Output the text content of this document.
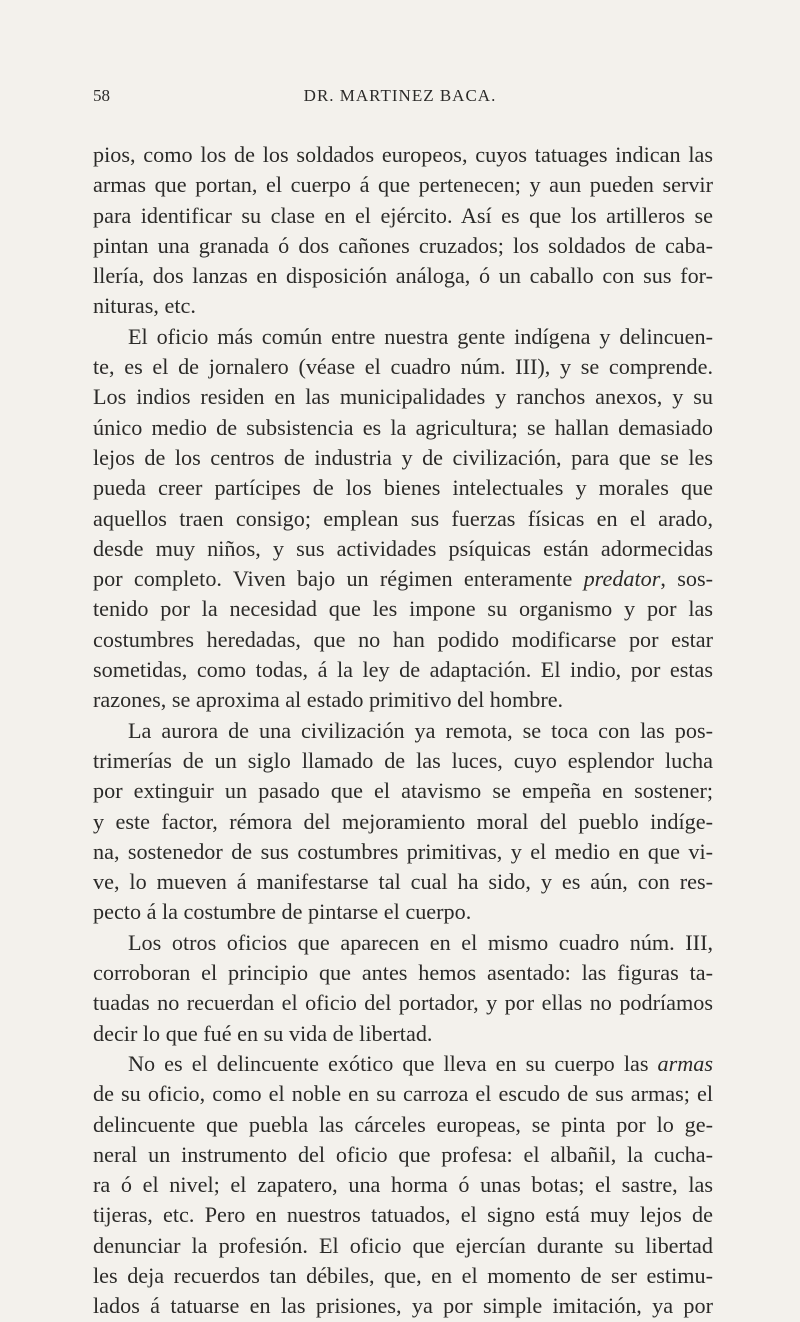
58	DR. MARTINEZ BACA.
pios, como los de los soldados europeos, cuyos tatuages indican las
armas que portan, el cuerpo á que pertenecen; y aun pueden servir
para identificar su clase en el ejército. Así es que los artilleros se
pintan una granada ó dos cañones cruzados; los soldados de caba-
llería, dos lanzas en disposición análoga, ó un caballo con sus for-
nituras, etc.
El oficio más común entre nuestra gente indígena y delincuen-
te, es el de jornalero (véase el cuadro núm. III), y se comprende.
Los indios residen en las municipalidades y ranchos anexos, y su
único medio de subsistencia es la agricultura; se hallan demasiado
lejos de los centros de industria y de civilización, para que se les
pueda creer partícipes de los bienes intelectuales y morales que
aquellos traen consigo; emplean sus fuerzas físicas en el arado,
desde muy niños, y sus actividades psíquicas están adormecidas
por completo. Viven bajo un régimen enteramente predator, sos-
tenido por la necesidad que les impone su organismo y por las
costumbres heredadas, que no han podido modificarse por estar
sometidas, como todas, á la ley de adaptación. El indio, por estas
razones, se aproxima al estado primitivo del hombre.
La aurora de una civilización ya remota, se toca con las pos-
trimerías de un siglo llamado de las luces, cuyo esplendor lucha
por extinguir un pasado que el atavismo se empeña en sostener;
y este factor, rémora del mejoramiento moral del pueblo indíge-
na, sostenedor de sus costumbres primitivas, y el medio en que vi-
ve, lo mueven á manifestarse tal cual ha sido, y es aún, con res-
pecto á la costumbre de pintarse el cuerpo.
Los otros oficios que aparecen en el mismo cuadro núm. III,
corroboran el principio que antes hemos asentado: las figuras ta-
tuadas no recuerdan el oficio del portador, y por ellas no podríamos
decir lo que fué en su vida de libertad.
No es el delincuente exótico que lleva en su cuerpo las armas
de su oficio, como el noble en su carroza el escudo de sus armas; el
delincuente que puebla las cárceles europeas, se pinta por lo ge-
neral un instrumento del oficio que profesa: el albañil, la cucha-
ra ó el nivel; el zapatero, una horma ó unas botas; el sastre, las
tijeras, etc. Pero en nuestros tatuados, el signo está muy lejos de
denunciar la profesión. El oficio que ejercían durante su libertad
les deja recuerdos tan débiles, que, en el momento de ser estimu-
lados á tatuarse en las prisiones, ya por simple imitación, ya por
